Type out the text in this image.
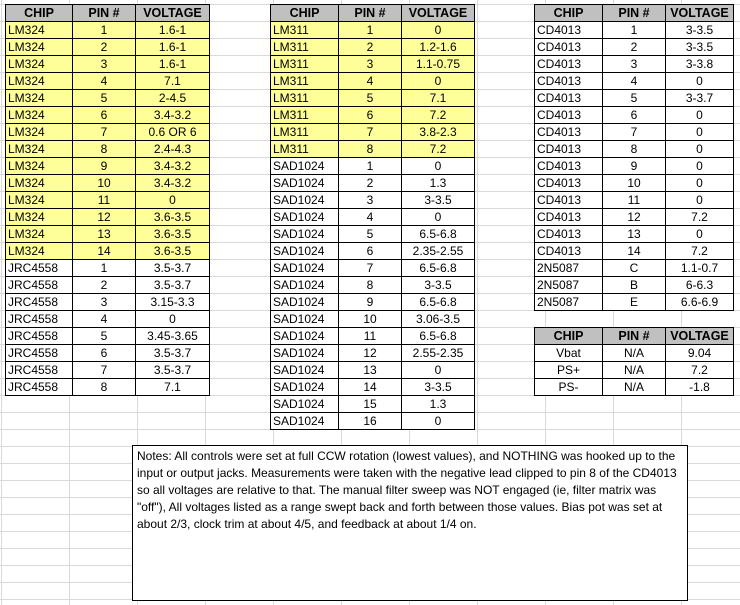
CHIP	PIN #	VOLTAGE
LM324	1	1.6-1
LM324	2	1.6-1
LM324	3	1.6-1
LM324	4	7.1
LM324	5	2-4.5
LM324	6	3.4-3.2
LM324	7	0.6 OR 6
LM324	8	2.4-4.3
LM324	9	3.4-3.2
LM324	10	3.4-3.2
LM324	11	0
LM324	12	3.6-3.5
LM324	13	3.6-3.5
LM324	14	3.6-3.5
JRC4558	1	3.5-3.7
JRC4558	2	3.5-3.7
JRC4558	3	3.15-3.3
JRC4558	4	0
JRC4558	5	3.45-3.65
JRC4558	6	3.5-3.7
JRC4558	7	3.5-3.7
JRC4558	8	7.1
CHIP	PIN #	VOLTAGE
LM311	1	0
LM311	2	1.2-1.6
LM311	3	1.1-0.75
LM311	4	0
LM311	5	7.1
LM311	6	7.2
LM311	7	3.8-2.3
LM311	8	7.2
SAD1024	1	0
SAD1024	2	1.3
SAD1024	3	3-3.5
SAD1024	4	0
SAD1024	5	6.5-6.8
SAD1024	6	2.35-2.55
SAD1024	7	6.5-6.8
SAD1024	8	3-3.5
SAD1024	9	6.5-6.8
SAD1024	10	3.06-3.5
SAD1024	11	6.5-6.8
SAD1024	12	2.55-2.35
SAD1024	13	0
SAD1024	14	3-3.5
SAD1024	15	1.3
SAD1024	16	0
CHIP	PIN #	VOLTAGE
CD4013	1	3-3.5
CD4013	2	3-3.5
CD4013	3	3-3.8
CD4013	4	0
CD4013	5	3-3.7
CD4013	6	0
CD4013	7	0
CD4013	8	0
CD4013	9	0
CD4013	10	0
CD4013	11	0
CD4013	12	7.2
CD4013	13	0
CD4013	14	7.2
2N5087	C	1.1-0.7
2N5087	B	6-6.3
2N5087	E	6.6-6.9
CHIP	PIN #	VOLTAGE
Vbat	N/A	9.04
PS+	N/A	7.2
PS-	N/A	-1.8
Notes: All controls were set at full CCW rotation (lowest values), and NOTHING was hooked up to the input or output jacks. Measurements were taken with the negative lead clipped to pin 8 of the CD4013 so all voltages are relative to that. The manual filter sweep was NOT engaged (ie, filter matrix was "off"), All voltages listed as a range swept back and forth between those values. Bias pot was set at about 2/3, clock trim at about 4/5, and feedback at about 1/4 on.
